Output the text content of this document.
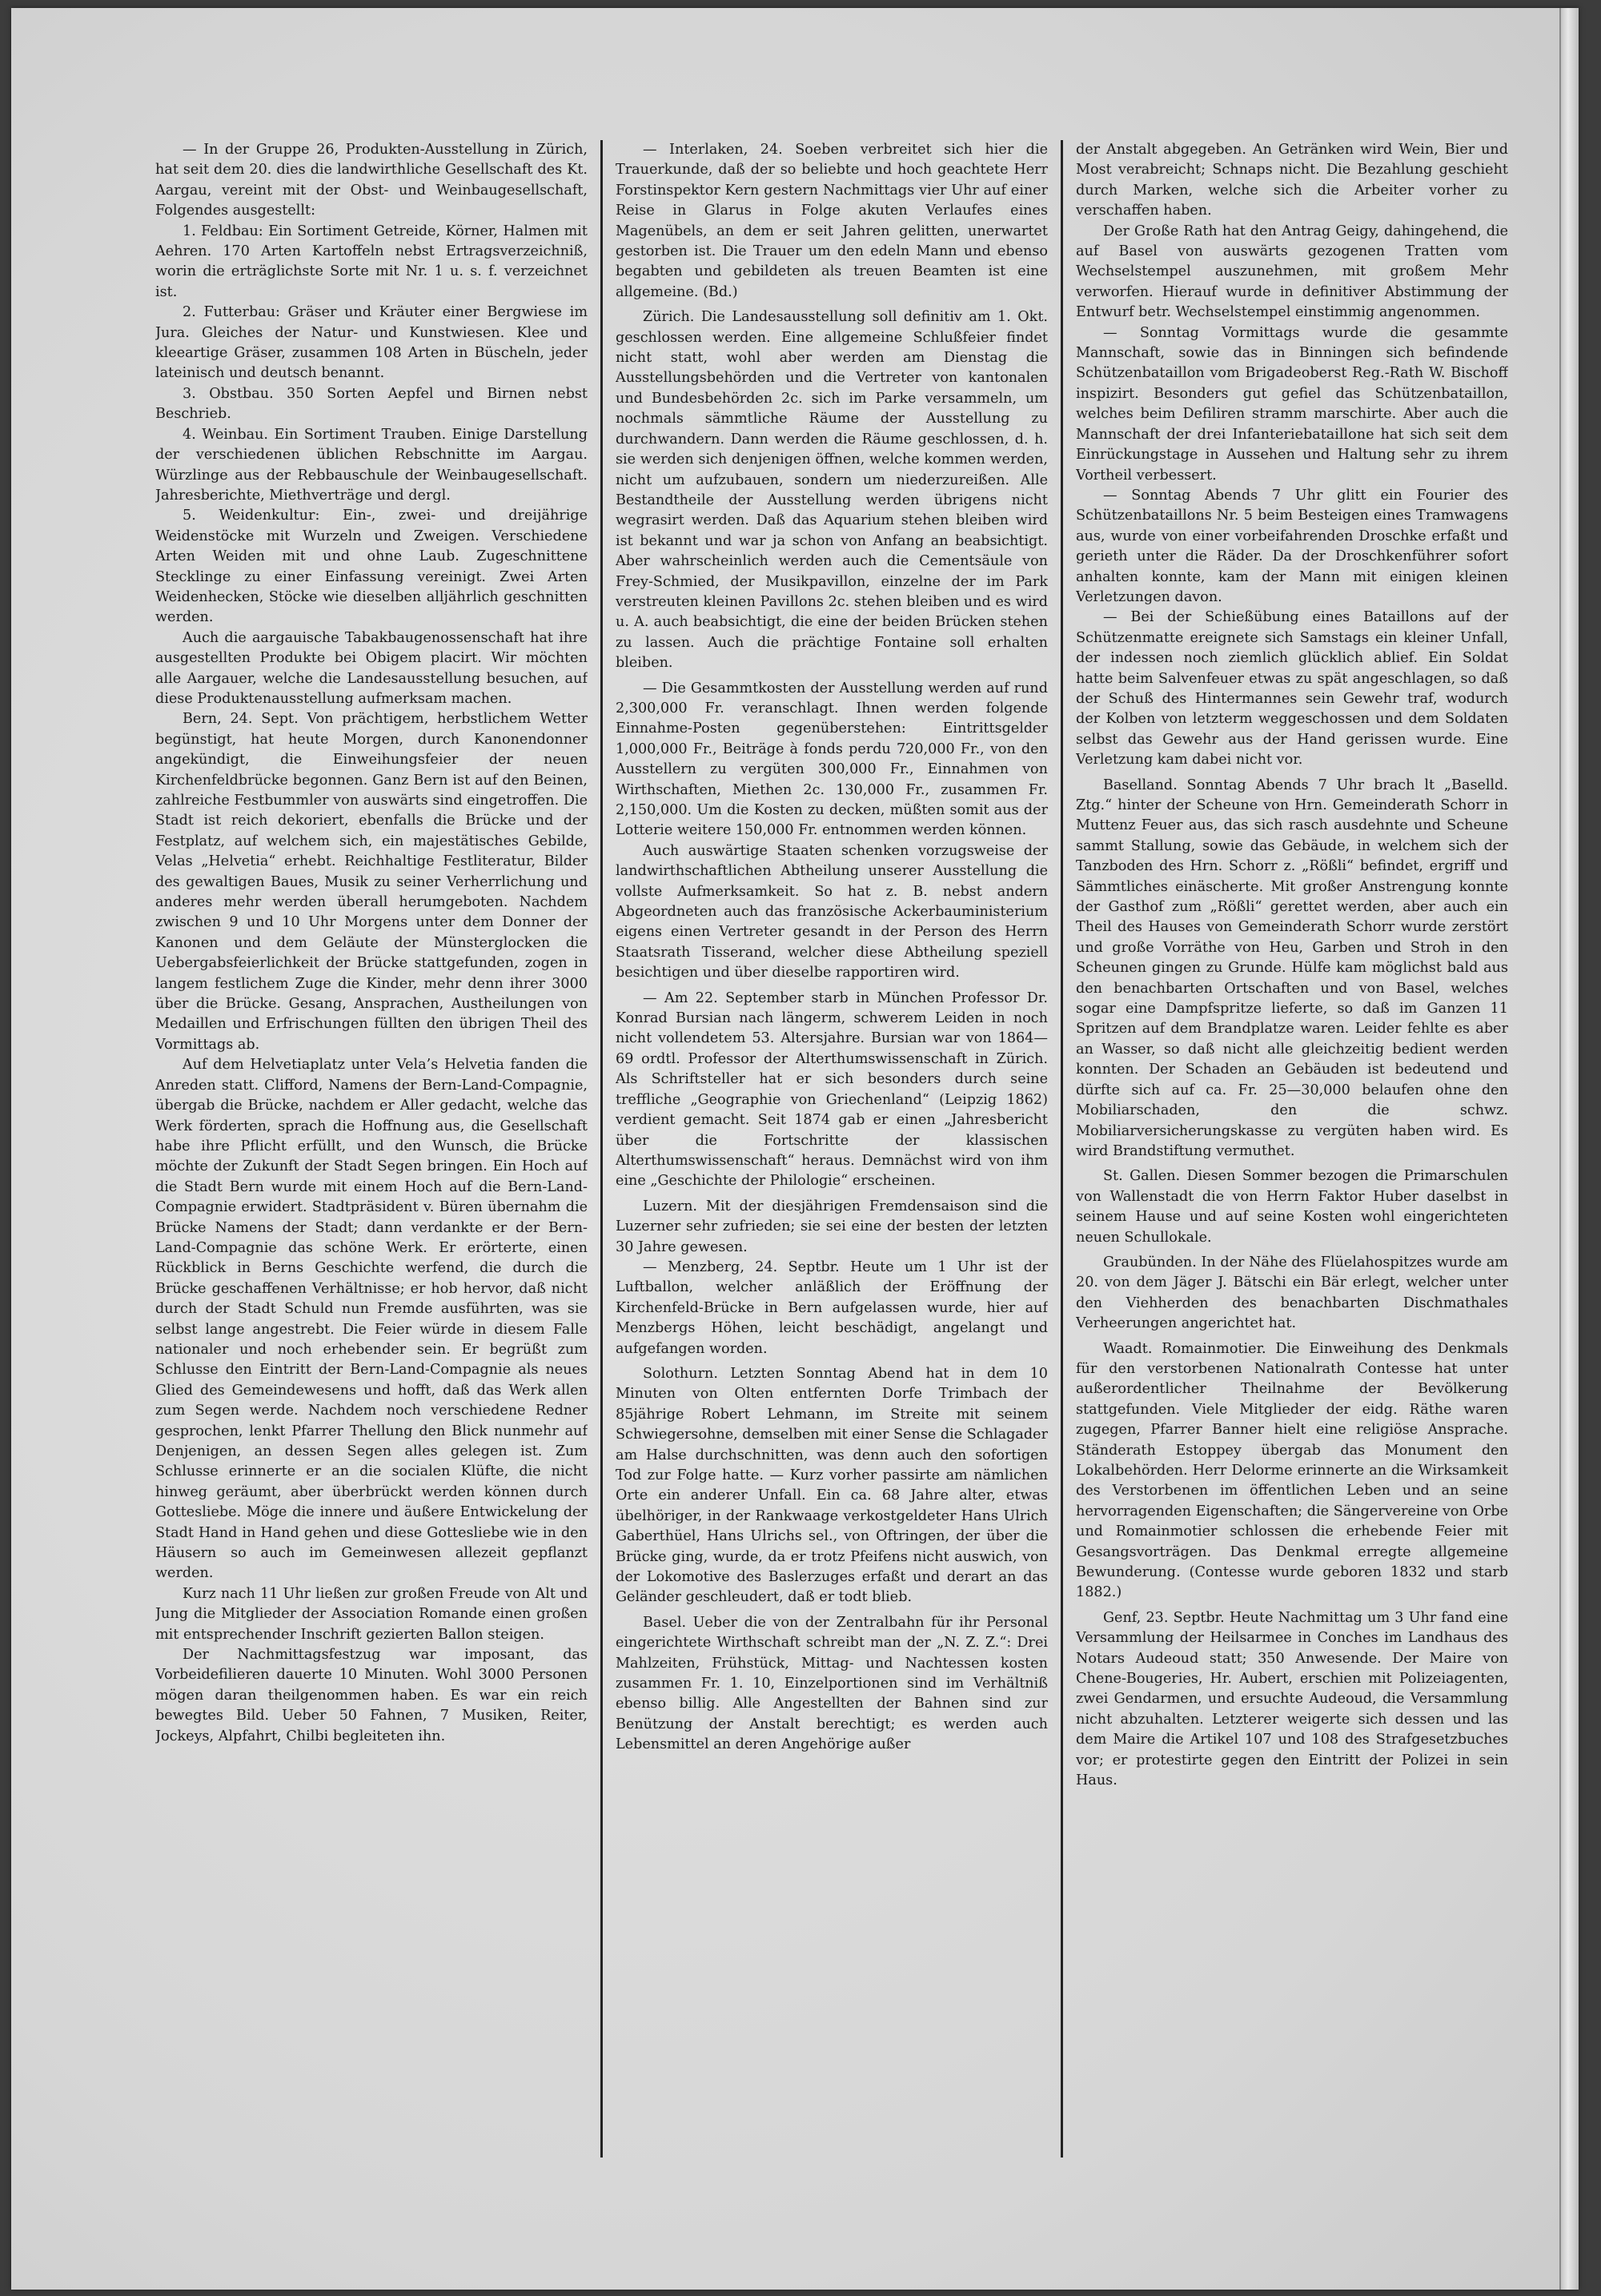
— In der Gruppe 26, Produkten-Ausstellung in Zürich, hat seit dem 20. dies die landwirthliche Gesellschaft des Kt. Aargau, vereint mit der Obst- und Weinbaugesellschaft, Folgendes ausgestellt:

1. Feldbau: Ein Sortiment Getreide, Körner, Halmen mit Aehren. 170 Arten Kartoffeln nebst Ertragsverzeichniß, worin die erträglichste Sorte mit Nr. 1 u. s. f. verzeichnet ist.

2. Futterbau: Gräser und Kräuter einer Bergwiese im Jura. Gleiches der Natur- und Kunstwiesen. Klee und kleeartige Gräser, zusammen 108 Arten in Büscheln, jeder lateinisch und deutsch benannt.

3. Obstbau. 350 Sorten Aepfel und Birnen nebst Beschrieb.

4. Weinbau. Ein Sortiment Trauben. Einige Darstellung der verschiedenen üblichen Rebschnitte im Aargau. Würzlinge aus der Rebbauschule der Weinbaugesellschaft. Jahresberichte, Miethverträge und dergl.

5. Weidenkultur: Ein-, zwei- und dreijährige Weidenstöcke mit Wurzeln und Zweigen. Verschiedene Arten Weiden mit und ohne Laub. Zugeschnittene Stecklinge zu einer Einfassung vereinigt. Zwei Arten Weidenhecken, Stöcke wie dieselben alljährlich geschnitten werden.

Auch die aargauische Tabakbaugenossenschaft hat ihre ausgestellten Produkte bei Obigem placirt. Wir möchten alle Aargauer, welche die Landesausstellung besuchen, auf diese Produktenausstellung aufmerksam machen.

Bern, 24. Sept. Von prächtigem, herbstlichem Wetter begünstigt, hat heute Morgen, durch Kanonendonner angekündigt, die Einweihungsfeier der neuen Kirchenfeldbrücke begonnen. Ganz Bern ist auf den Beinen, zahlreiche Festbummler von auswärts sind eingetroffen. Die Stadt ist reich dekoriert, ebenfalls die Brücke und der Festplatz, auf welchem sich, ein majestätisches Gebilde, Velas „Helvetia“ erhebt. Reichhaltige Festliteratur, Bilder des gewaltigen Baues, Musik zu seiner Verherrlichung und anderes mehr werden überall herumgeboten. Nachdem zwischen 9 und 10 Uhr Morgens unter dem Donner der Kanonen und dem Geläute der Münsterglocken die Uebergabsfeierlichkeit der Brücke stattgefunden, zogen in langem festlichem Zuge die Kinder, mehr denn ihrer 3000 über die Brücke. Gesang, Ansprachen, Austheilungen von Medaillen und Erfrischungen füllten den übrigen Theil des Vormittags ab.

Auf dem Helvetiaplatz unter Vela’s Helvetia fanden die Anreden statt. Clifford, Namens der Bern-Land-Compagnie, übergab die Brücke, nachdem er Aller gedacht, welche das Werk förderten, sprach die Hoffnung aus, die Gesellschaft habe ihre Pflicht erfüllt, und den Wunsch, die Brücke möchte der Zukunft der Stadt Segen bringen. Ein Hoch auf die Stadt Bern wurde mit einem Hoch auf die Bern-Land-Compagnie erwidert. Stadtpräsident v. Büren übernahm die Brücke Namens der Stadt; dann verdankte er der Bern-Land-Compagnie das schöne Werk. Er erörterte, einen Rückblick in Berns Geschichte werfend, die durch die Brücke geschaffenen Verhältnisse; er hob hervor, daß nicht durch der Stadt Schuld nun Fremde ausführten, was sie selbst lange angestrebt. Die Feier würde in diesem Falle nationaler und noch erhebender sein. Er begrüßt zum Schlusse den Eintritt der Bern-Land-Compagnie als neues Glied des Gemeindewesens und hofft, daß das Werk allen zum Segen werde. Nachdem noch verschiedene Redner gesprochen, lenkt Pfarrer Thellung den Blick nunmehr auf Denjenigen, an dessen Segen alles gelegen ist. Zum Schlusse erinnerte er an die socialen Klüfte, die nicht hinweg geräumt, aber überbrückt werden können durch Gottesliebe. Möge die innere und äußere Entwickelung der Stadt Hand in Hand gehen und diese Gottesliebe wie in den Häusern so auch im Gemeinwesen allezeit gepflanzt werden.

Kurz nach 11 Uhr ließen zur großen Freude von Alt und Jung die Mitglieder der Association Romande einen großen mit entsprechender Inschrift gezierten Ballon steigen.

Der Nachmittagsfestzug war imposant, das Vorbeidefilieren dauerte 10 Minuten. Wohl 3000 Personen mögen daran theilgenommen haben. Es war ein reich bewegtes Bild. Ueber 50 Fahnen, 7 Musiken, Reiter, Jockeys, Alpfahrt, Chilbi begleiteten ihn.

— Interlaken, 24. Soeben verbreitet sich hier die Trauerkunde, daß der so beliebte und hoch geachtete Herr Forstinspektor Kern gestern Nachmittags vier Uhr auf einer Reise in Glarus in Folge akuten Verlaufes eines Magenübels, an dem er seit Jahren gelitten, unerwartet gestorben ist. Die Trauer um den edeln Mann und ebenso begabten und gebildeten als treuen Beamten ist eine allgemeine. (Bd.)

Zürich. Die Landesausstellung soll definitiv am 1. Okt. geschlossen werden. Eine allgemeine Schlußfeier findet nicht statt, wohl aber werden am Dienstag die Ausstellungsbehörden und die Vertreter von kantonalen und Bundesbehörden 2c. sich im Parke versammeln, um nochmals sämmtliche Räume der Ausstellung zu durchwandern. Dann werden die Räume geschlossen, d. h. sie werden sich denjenigen öffnen, welche kommen werden, nicht um aufzubauen, sondern um niederzureißen. Alle Bestandtheile der Ausstellung werden übrigens nicht wegrasirt werden. Daß das Aquarium stehen bleiben wird ist bekannt und war ja schon von Anfang an beabsichtigt. Aber wahrscheinlich werden auch die Cementsäule von Frey-Schmied, der Musikpavillon, einzelne der im Park verstreuten kleinen Pavillons 2c. stehen bleiben und es wird u. A. auch beabsichtigt, die eine der beiden Brücken stehen zu lassen. Auch die prächtige Fontaine soll erhalten bleiben.

— Die Gesammtkosten der Ausstellung werden auf rund 2,300,000 Fr. veranschlagt. Ihnen werden folgende Einnahme-Posten gegenüberstehen: Eintrittsgelder 1,000,000 Fr., Beiträge à fonds perdu 720,000 Fr., von den Ausstellern zu vergüten 300,000 Fr., Einnahmen von Wirthschaften, Miethen 2c. 130,000 Fr., zusammen Fr. 2,150,000. Um die Kosten zu decken, müßten somit aus der Lotterie weitere 150,000 Fr. entnommen werden können.

Auch auswärtige Staaten schenken vorzugsweise der landwirthschaftlichen Abtheilung unserer Ausstellung die vollste Aufmerksamkeit. So hat z. B. nebst andern Abgeordneten auch das französische Ackerbauministerium eigens einen Vertreter gesandt in der Person des Herrn Staatsrath Tisserand, welcher diese Abtheilung speziell besichtigen und über dieselbe rapportiren wird.

— Am 22. September starb in München Professor Dr. Konrad Bursian nach längerm, schwerem Leiden in noch nicht vollendetem 53. Altersjahre. Bursian war von 1864—69 ordtl. Professor der Alterthumswissenschaft in Zürich. Als Schriftsteller hat er sich besonders durch seine treffliche „Geographie von Griechenland“ (Leipzig 1862) verdient gemacht. Seit 1874 gab er einen „Jahresbericht über die Fortschritte der klassischen Alterthumswissenschaft“ heraus. Demnächst wird von ihm eine „Geschichte der Philologie“ erscheinen.

Luzern. Mit der diesjährigen Fremdensaison sind die Luzerner sehr zufrieden; sie sei eine der besten der letzten 30 Jahre gewesen.

— Menzberg, 24. Septbr. Heute um 1 Uhr ist der Luftballon, welcher anläßlich der Eröffnung der Kirchenfeld-Brücke in Bern aufgelassen wurde, hier auf Menzbergs Höhen, leicht beschädigt, angelangt und aufgefangen worden.

Solothurn. Letzten Sonntag Abend hat in dem 10 Minuten von Olten entfernten Dorfe Trimbach der 85jährige Robert Lehmann, im Streite mit seinem Schwiegersohne, demselben mit einer Sense die Schlagader am Halse durchschnitten, was denn auch den sofortigen Tod zur Folge hatte. — Kurz vorher passirte am nämlichen Orte ein anderer Unfall. Ein ca. 68 Jahre alter, etwas übelhöriger, in der Rankwaage verkostgeldeter Hans Ulrich Gaberthüel, Hans Ulrichs sel., von Oftringen, der über die Brücke ging, wurde, da er trotz Pfeifens nicht auswich, von der Lokomotive des Baslerzuges erfaßt und derart an das Geländer geschleudert, daß er todt blieb.

Basel. Ueber die von der Zentralbahn für ihr Personal eingerichtete Wirthschaft schreibt man der „N. Z. Z.“: Drei Mahlzeiten, Frühstück, Mittag- und Nachtessen kosten zusammen Fr. 1. 10, Einzelportionen sind im Verhältniß ebenso billig. Alle Angestellten der Bahnen sind zur Benützung der Anstalt berechtigt; es werden auch Lebensmittel an deren Angehörige außer

der Anstalt abgegeben. An Getränken wird Wein, Bier und Most verabreicht; Schnaps nicht. Die Bezahlung geschieht durch Marken, welche sich die Arbeiter vorher zu verschaffen haben.

Der Große Rath hat den Antrag Geigy, dahingehend, die auf Basel von auswärts gezogenen Tratten vom Wechselstempel auszunehmen, mit großem Mehr verworfen. Hierauf wurde in definitiver Abstimmung der Entwurf betr. Wechselstempel einstimmig angenommen.

— Sonntag Vormittags wurde die gesammte Mannschaft, sowie das in Binningen sich befindende Schützenbataillon vom Brigadeoberst Reg.-Rath W. Bischoff inspizirt. Besonders gut gefiel das Schützenbataillon, welches beim Defiliren stramm marschirte. Aber auch die Mannschaft der drei Infanteriebataillone hat sich seit dem Einrückungstage in Aussehen und Haltung sehr zu ihrem Vortheil verbessert.

— Sonntag Abends 7 Uhr glitt ein Fourier des Schützenbataillons Nr. 5 beim Besteigen eines Tramwagens aus, wurde von einer vorbeifahrenden Droschke erfaßt und gerieth unter die Räder. Da der Droschkenführer sofort anhalten konnte, kam der Mann mit einigen kleinen Verletzungen davon.

— Bei der Schießübung eines Bataillons auf der Schützenmatte ereignete sich Samstags ein kleiner Unfall, der indessen noch ziemlich glücklich ablief. Ein Soldat hatte beim Salvenfeuer etwas zu spät angeschlagen, so daß der Schuß des Hintermannes sein Gewehr traf, wodurch der Kolben von letzterm weggeschossen und dem Soldaten selbst das Gewehr aus der Hand gerissen wurde. Eine Verletzung kam dabei nicht vor.

Baselland. Sonntag Abends 7 Uhr brach lt „Baselld. Ztg.“ hinter der Scheune von Hrn. Gemeinderath Schorr in Muttenz Feuer aus, das sich rasch ausdehnte und Scheune sammt Stallung, sowie das Gebäude, in welchem sich der Tanzboden des Hrn. Schorr z. „Rößli“ befindet, ergriff und Sämmtliches einäscherte. Mit großer Anstrengung konnte der Gasthof zum „Rößli“ gerettet werden, aber auch ein Theil des Hauses von Gemeinderath Schorr wurde zerstört und große Vorräthe von Heu, Garben und Stroh in den Scheunen gingen zu Grunde. Hülfe kam möglichst bald aus den benachbarten Ortschaften und von Basel, welches sogar eine Dampfspritze lieferte, so daß im Ganzen 11 Spritzen auf dem Brandplatze waren. Leider fehlte es aber an Wasser, so daß nicht alle gleichzeitig bedient werden konnten. Der Schaden an Gebäuden ist bedeutend und dürfte sich auf ca. Fr. 25—30,000 belaufen ohne den Mobiliarschaden, den die schwz. Mobiliarversicherungskasse zu vergüten haben wird. Es wird Brandstiftung vermuthet.

St. Gallen. Diesen Sommer bezogen die Primarschulen von Wallenstadt die von Herrn Faktor Huber daselbst in seinem Hause und auf seine Kosten wohl eingerichteten neuen Schullokale.

Graubünden. In der Nähe des Flüelahospitzes wurde am 20. von dem Jäger J. Bätschi ein Bär erlegt, welcher unter den Viehherden des benachbarten Dischmathales Verheerungen angerichtet hat.

Waadt. Romainmotier. Die Einweihung des Denkmals für den verstorbenen Nationalrath Contesse hat unter außerordentlicher Theilnahme der Bevölkerung stattgefunden. Viele Mitglieder der eidg. Räthe waren zugegen, Pfarrer Banner hielt eine religiöse Ansprache. Ständerath Estoppey übergab das Monument den Lokalbehörden. Herr Delorme erinnerte an die Wirksamkeit des Verstorbenen im öffentlichen Leben und an seine hervorragenden Eigenschaften; die Sängervereine von Orbe und Romainmotier schlossen die erhebende Feier mit Gesangsvorträgen. Das Denkmal erregte allgemeine Bewunderung. (Contesse wurde geboren 1832 und starb 1882.)

Genf, 23. Septbr. Heute Nachmittag um 3 Uhr fand eine Versammlung der Heilsarmee in Conches im Landhaus des Notars Audeoud statt; 350 Anwesende. Der Maire von Chene-Bougeries, Hr. Aubert, erschien mit Polizeiagenten, zwei Gendarmen, und ersuchte Audeoud, die Versammlung nicht abzuhalten. Letzterer weigerte sich dessen und las dem Maire die Artikel 107 und 108 des Strafgesetzbuches vor; er protestirte gegen den Eintritt der Polizei in sein Haus.
